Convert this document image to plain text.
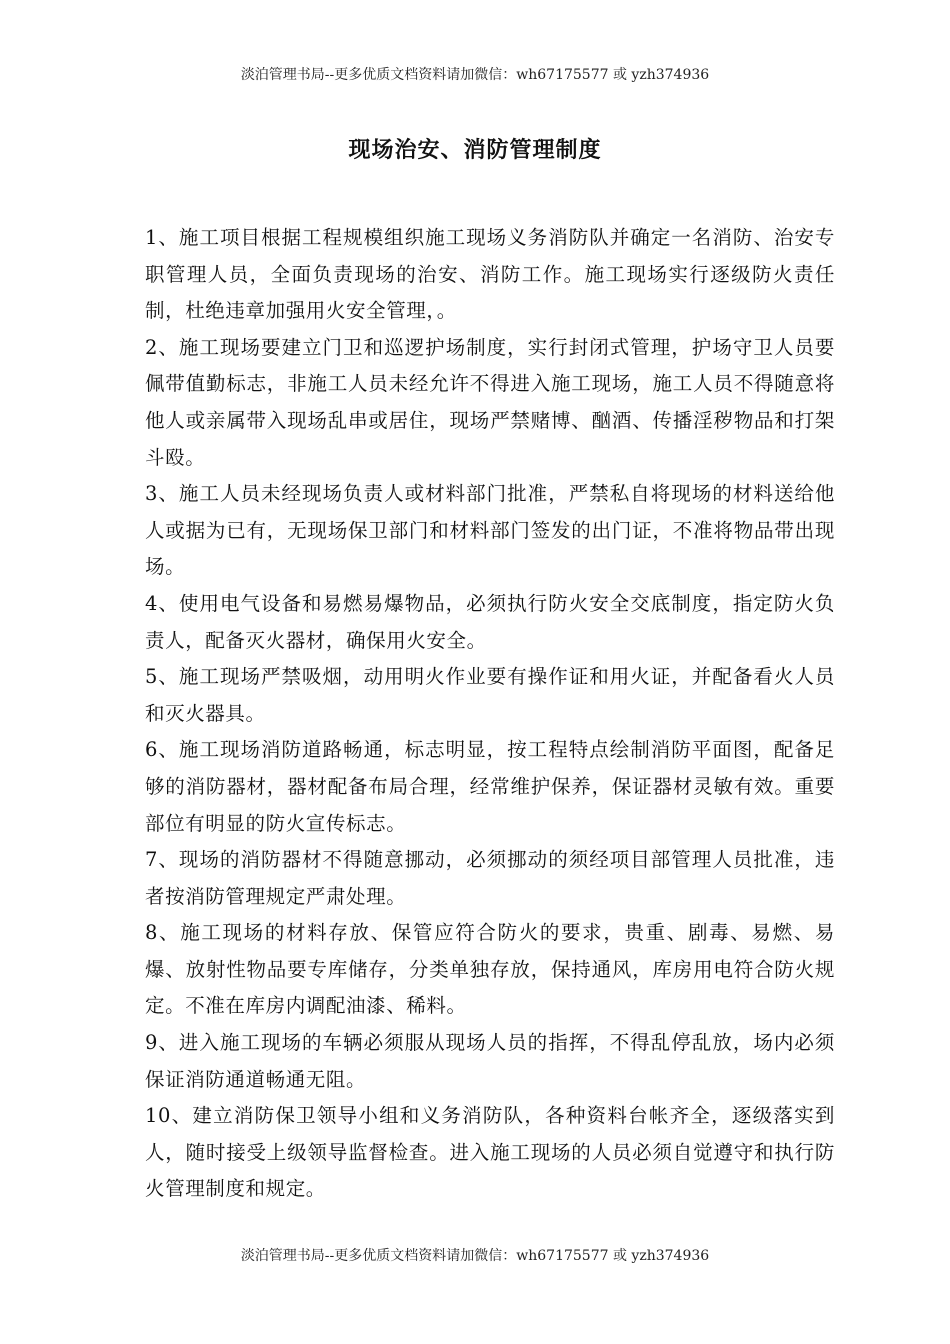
淡泊管理书局--更多优质文档资料请加微信：wh67175577 或 yzh374936
现场治安、消防管理制度

1、施工项目根据工程规模组织施工现场义务消防队并确定一名消防、治安专职管理人员，全面负责现场的治安、消防工作。施工现场实行逐级防火责任制，杜绝违章加强用火安全管理，。

2、施工现场要建立门卫和巡逻护场制度，实行封闭式管理，护场守卫人员要佩带值勤标志，非施工人员未经允许不得进入施工现场，施工人员不得随意将他人或亲属带入现场乱串或居住，现场严禁赌博、酗酒、传播淫秽物品和打架斗殴。

3、施工人员未经现场负责人或材料部门批准，严禁私自将现场的材料送给他人或据为已有，无现场保卫部门和材料部门签发的出门证，不准将物品带出现场。

4、使用电气设备和易燃易爆物品，必须执行防火安全交底制度，指定防火负责人，配备灭火器材，确保用火安全。

5、施工现场严禁吸烟，动用明火作业要有操作证和用火证，并配备看火人员和灭火器具。

6、施工现场消防道路畅通，标志明显，按工程特点绘制消防平面图，配备足够的消防器材，器材配备布局合理，经常维护保养，保证器材灵敏有效。重要部位有明显的防火宣传标志。

7、现场的消防器材不得随意挪动，必须挪动的须经项目部管理人员批准，违者按消防管理规定严肃处理。

8、施工现场的材料存放、保管应符合防火的要求，贵重、剧毒、易燃、易爆、放射性物品要专库储存，分类单独存放，保持通风，库房用电符合防火规定。不准在库房内调配油漆、稀料。

9、进入施工现场的车辆必须服从现场人员的指挥，不得乱停乱放，场内必须保证消防通道畅通无阻。

10、建立消防保卫领导小组和义务消防队，各种资料台帐齐全，逐级落实到人，随时接受上级领导监督检查。进入施工现场的人员必须自觉遵守和执行防火管理制度和规定。

淡泊管理书局--更多优质文档资料请加微信：wh67175577 或 yzh374936
